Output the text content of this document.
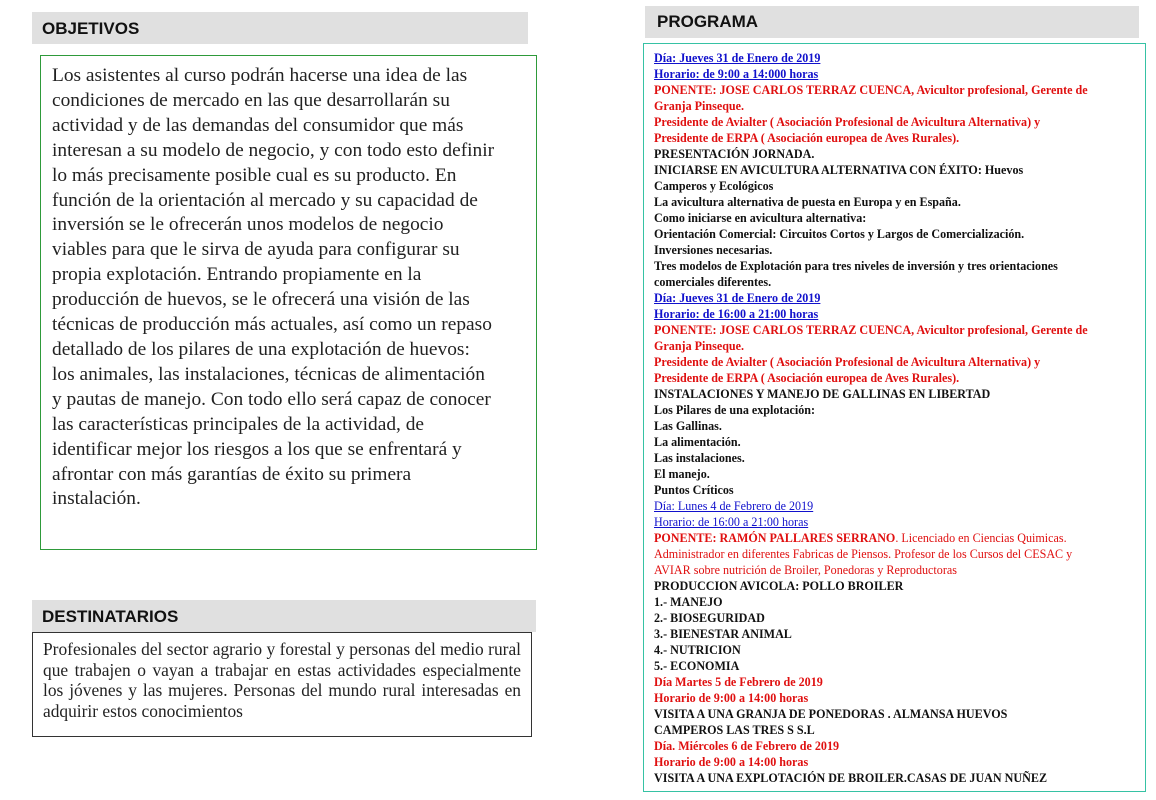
OBJETIVOS
Los asistentes al curso podrán hacerse una idea de las
condiciones de mercado en las que desarrollarán su
actividad y de las demandas del consumidor que más
interesan a su modelo de negocio, y con todo esto definir
lo más precisamente posible cual es su producto. En
función de la orientación al mercado y su capacidad de
inversión se le ofrecerán unos modelos de negocio
viables para que le sirva de ayuda para configurar su
propia explotación. Entrando propiamente en la
producción de huevos, se le ofrecerá una visión de las
técnicas de producción más actuales, así como un repaso
detallado de los pilares de una explotación de huevos:
los animales, las instalaciones, técnicas de alimentación
y pautas de manejo. Con todo ello será capaz de conocer
las características principales de la actividad, de
identificar mejor los riesgos a los que se enfrentará y
afrontar con más garantías de éxito su primera
instalación.
DESTINATARIOS
Profesionales del sector agrario y forestal y personas del medio rural que trabajen o vayan a trabajar en estas actividades especialmente los jóvenes y las mujeres. Personas del mundo rural interesadas en adquirir estos conocimientos
PROGRAMA
Día: Jueves 31 de Enero de 2019
Horario: de 9:00 a 14:000 horas
PONENTE: JOSE CARLOS TERRAZ CUENCA, Avicultor profesional, Gerente de
Granja Pinseque.
Presidente de Avialter ( Asociación Profesional de Avicultura Alternativa) y
Presidente de ERPA ( Asociación europea de Aves Rurales).
PRESENTACIÓN JORNADA.
INICIARSE EN AVICULTURA ALTERNATIVA CON ÉXITO: Huevos
Camperos y Ecológicos
La avicultura alternativa de puesta en Europa y en España.
Como iniciarse en avicultura alternativa:
Orientación Comercial: Circuitos Cortos y Largos de Comercialización.
Inversiones necesarias.
Tres modelos de Explotación para tres niveles de inversión y tres orientaciones
comerciales diferentes.
Día: Jueves 31 de Enero de 2019
Horario: de 16:00 a 21:00 horas
PONENTE: JOSE CARLOS TERRAZ CUENCA, Avicultor profesional, Gerente de
Granja Pinseque.
Presidente de Avialter ( Asociación Profesional de Avicultura Alternativa) y
Presidente de ERPA ( Asociación europea de Aves Rurales).
INSTALACIONES Y MANEJO DE GALLINAS EN LIBERTAD
Los Pilares de una explotación:
Las Gallinas.
La alimentación.
Las instalaciones.
El manejo.
Puntos Críticos
Día: Lunes 4 de Febrero de 2019
Horario: de 16:00 a 21:00 horas
PONENTE: RAMÓN PALLARES SERRANO. Licenciado en Ciencias Quimicas.
Administrador en diferentes Fabricas de Piensos. Profesor de los Cursos del CESAC y
AVIAR sobre nutrición de Broiler, Ponedoras y Reproductoras
PRODUCCION AVICOLA: POLLO BROILER
1.- MANEJO
2.- BIOSEGURIDAD
3.- BIENESTAR ANIMAL
4.- NUTRICION
5.- ECONOMIA
Día Martes 5 de Febrero de 2019
Horario de 9:00 a 14:00 horas
VISITA A UNA GRANJA DE PONEDORAS . ALMANSA HUEVOS
CAMPEROS LAS TRES S S.L
Día. Miércoles 6 de Febrero de 2019
Horario de 9:00 a 14:00 horas
VISITA A UNA EXPLOTACIÓN DE BROILER.CASAS DE JUAN NUÑEZ
